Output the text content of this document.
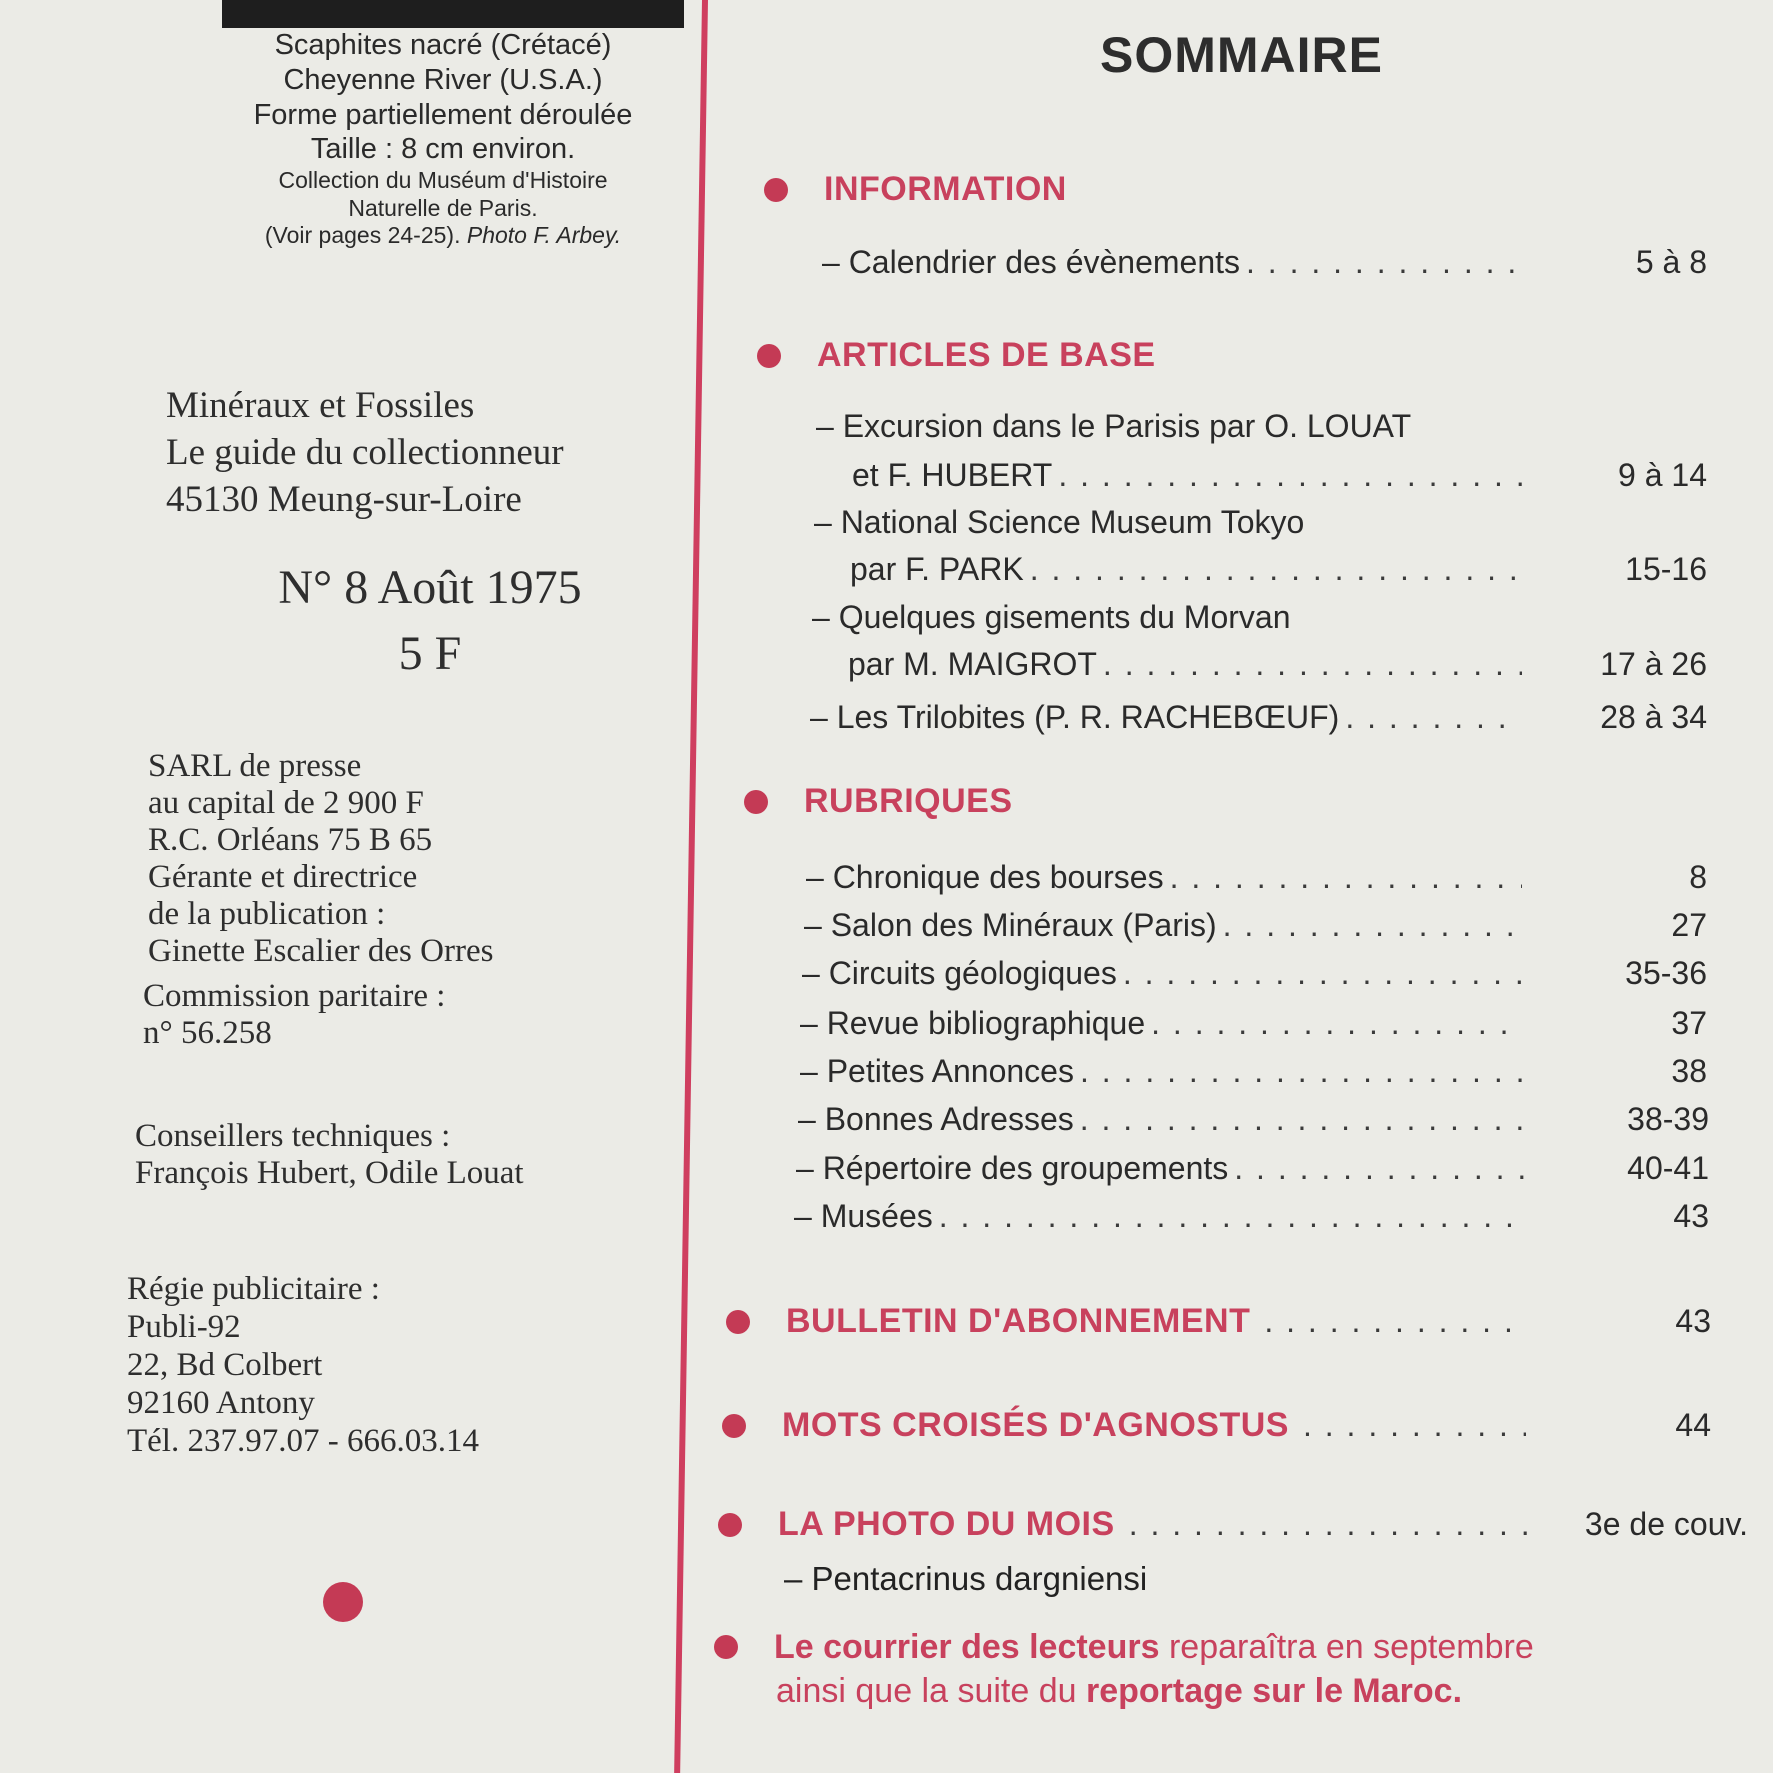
Scaphites nacré (Crétacé)
Cheyenne River (U.S.A.)
Forme partiellement déroulée
Taille : 8 cm environ.
Collection du Muséum d'Histoire
Naturelle de Paris.
(Voir pages 24-25). Photo F. Arbey.
Minéraux et Fossiles
Le guide du collectionneur
45130 Meung-sur-Loire
N° 8 Août 1975
5 F
SARL de presse
au capital de 2 900 F
R.C. Orléans 75 B 65
Gérante et directrice
de la publication :
Ginette Escalier des Orres
Commission paritaire :
n° 56.258
Conseillers techniques :
François Hubert, Odile Louat
Régie publicitaire :
Publi-92
22, Bd Colbert
92160 Antony
Tél. 237.97.07 - 666.03.14
SOMMAIRE
INFORMATION
– Calendrier des évènements . . .	5 à 8
ARTICLES DE BASE
– Excursion dans le Parisis par O. LOUAT
et F. HUBERT . . .	9 à 14
– National Science Museum Tokyo
par F. PARK . . .	15-16
– Quelques gisements du Morvan
par M. MAIGROT . . .	17 à 26
– Les Trilobites (P. R. RACHEBŒUF) . . .	28 à 34
RUBRIQUES
– Chronique des bourses . . .	8
– Salon des Minéraux (Paris) . . .	27
– Circuits géologiques . . .	35-36
– Revue bibliographique . . .	37
– Petites Annonces . . .	38
– Bonnes Adresses . . .	38-39
– Répertoire des groupements . . .	40-41
– Musées . . .	43
BULLETIN D'ABONNEMENT . . .	43
MOTS CROISÉS D'AGNOSTUS . . .	44
LA PHOTO DU MOIS . . .	3e de couv.
– Pentacrinus dargniensi
Le courrier des lecteurs
reparaîtra en septembre
ainsi que la suite du reportage sur le Maroc.
